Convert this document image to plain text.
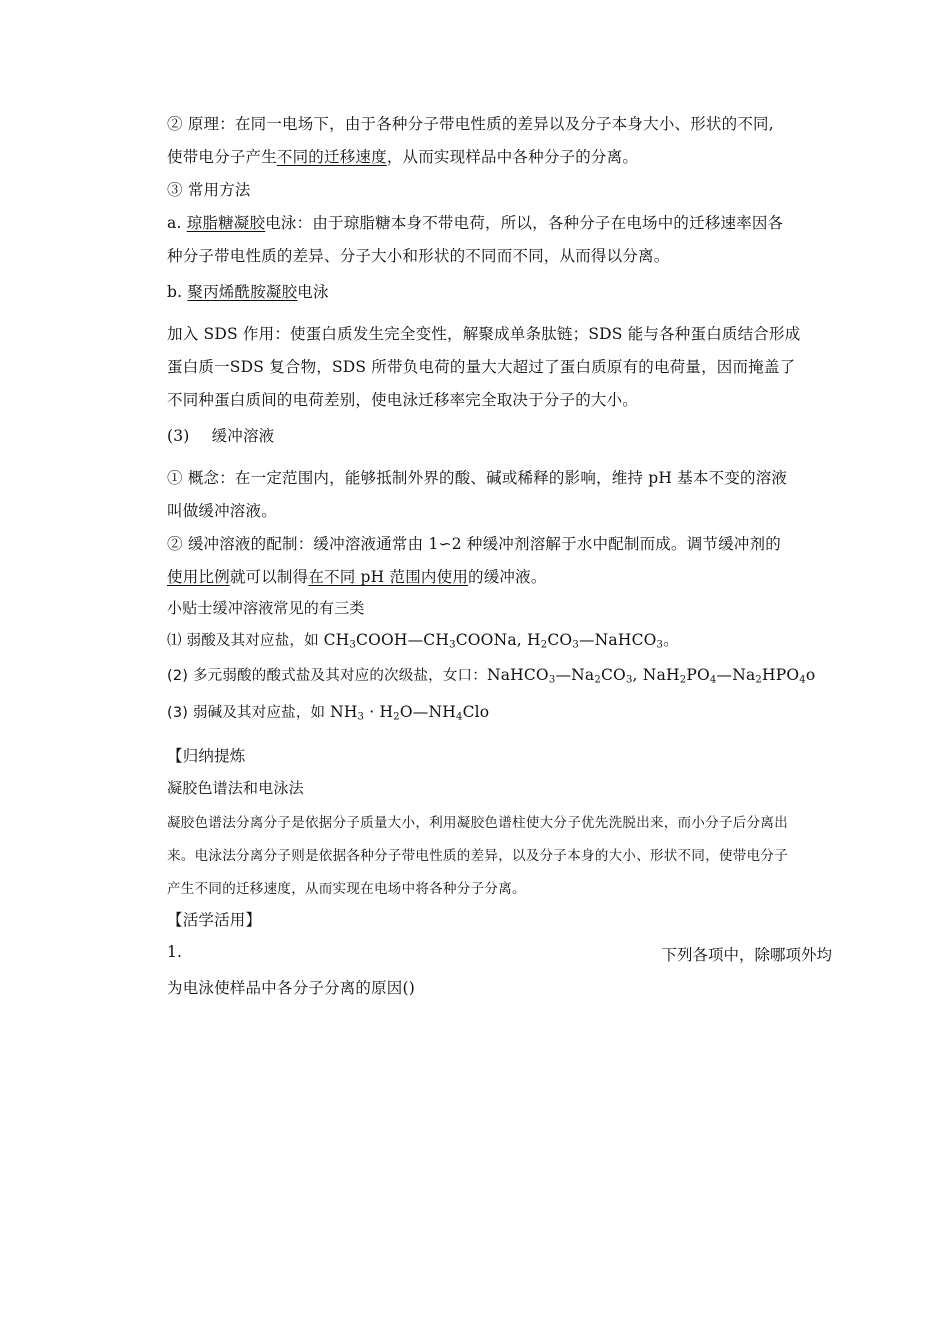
② 原理：在同一电场下，由于各种分子带电性质的差异以及分子本身大小、形状的不同,
使带电分子产生不同的迁移速度，从而实现样品中各种分子的分离。
③ 常用方法
a. 琼脂糖凝胶电泳：由于琼脂糖本身不带电荷，所以，各种分子在电场中的迁移速率因各
种分子带电性质的差异、分子大小和形状的不同而不同，从而得以分离。
b. 聚丙烯酰胺凝胶电泳
加入 SDS 作用：使蛋白质发生完全变性，解聚成单条肽链；SDS 能与各种蛋白质结合形成
蛋白质一SDS 复合物，SDS 所带负电荷的量大大超过了蛋白质原有的电荷量，因而掩盖了
不同种蛋白质间的电荷差别，使电泳迁移率完全取决于分子的大小。
(3) 缓冲溶液
① 概念：在一定范围内，能够抵制外界的酸、碱或稀释的影响，维持 pH 基本不变的溶液
叫做缓冲溶液。
② 缓冲溶液的配制：缓冲溶液通常由 1∽2 种缓冲剂溶解于水中配制而成。调节缓冲剂的
使用比例就可以制得在不同 pH 范围内使用的缓冲液。
小贴士缓冲溶液常见的有三类
⑴ 弱酸及其对应盐，如 $CH_3COOH—CH_3COONa$, $H_2CO_3—NaHCO_3$。
(2) 多元弱酸的酸式盐及其对应的次级盐，女口：$NaHCO_3—Na_2CO_3$, $NaH_2PO_4—Na_2HPO_4o$
(3) 弱碱及其对应盐，如 $NH_3$ · $H_2O—NH_4Clo$
【归纳提炼
凝胶色谱法和电泳法
凝胶色谱法分离分子是依据分子质量大小，利用凝胶色谱柱使大分子优先洗脱出来，而小分子后分离出
来。电泳法分离分子则是依据各种分子带电性质的差异，以及分子本身的大小、形状不同，使带电分子
产生不同的迁移速度，从而实现在电场中将各种分子分离。
【活学活用】
1.	下列各项中，除哪项外均
为电泳使样品中各分子分离的原因()
